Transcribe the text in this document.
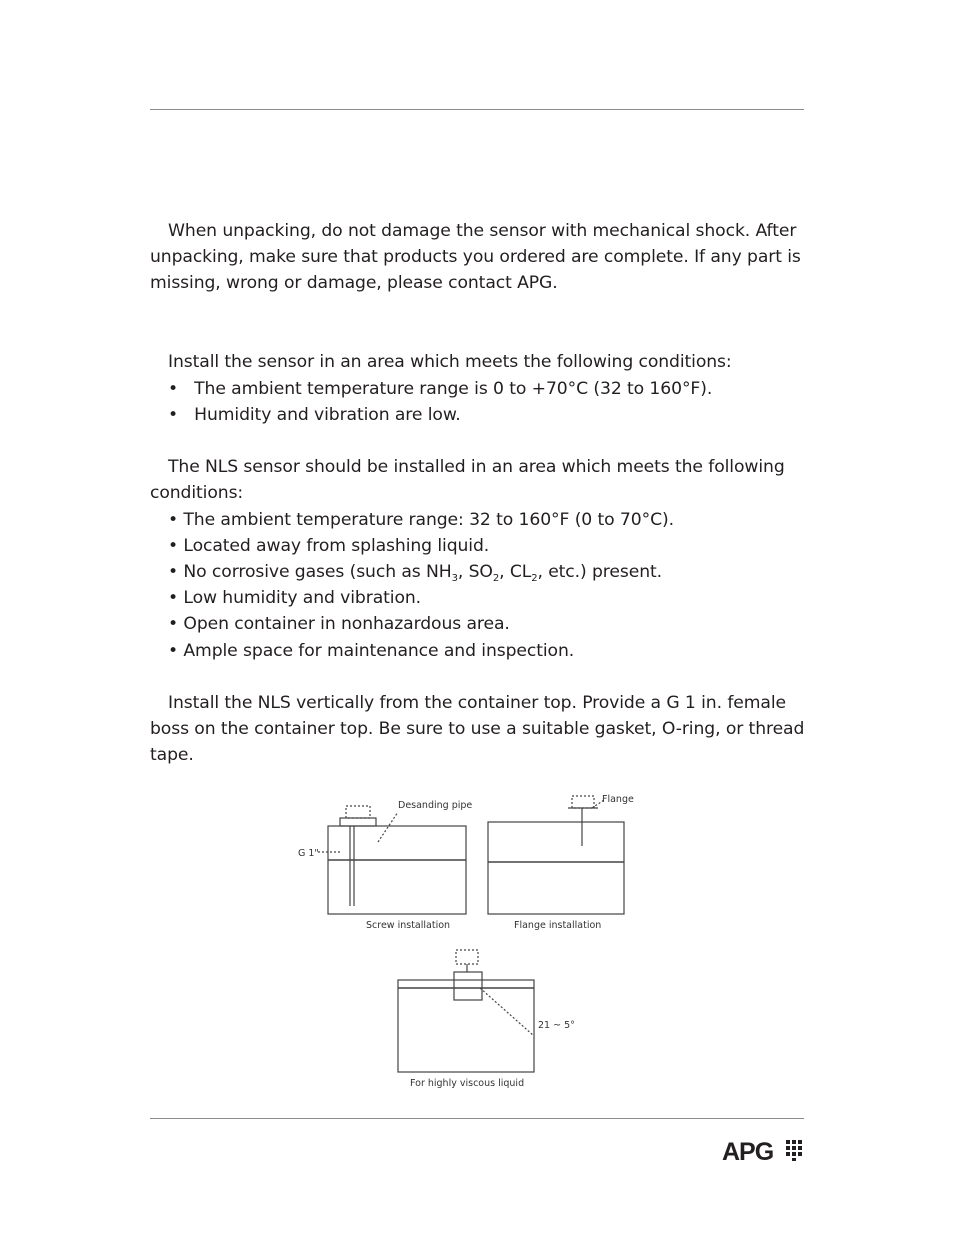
When unpacking, do not damage the sensor with mechanical shock. After unpacking, make sure that products you ordered are complete. If any part is missing, wrong or damage, please contact APG.
Install the sensor in an area which meets the following conditions:
•   The ambient temperature range is 0 to +70°C (32 to 160°F).
•   Humidity and vibration are low.
The NLS sensor should be installed in an area which meets the following conditions:
• The ambient temperature range: 32 to 160°F (0 to 70°C).
• Located away from splashing liquid.
• No corrosive gases (such as $NH_3$, $SO_2$, $CL_2$, etc.) present.
• Low humidity and vibration.
• Open container in nonhazardous area.
• Ample space for maintenance and inspection.
Install the NLS vertically from the container top. Provide a G 1 in. female boss on the container top. Be sure to use a suitable gasket, O-ring, or thread tape.
Desanding pipe
G 1"
Screw installation
Flange
Flange installation
21 ~ 5°
For highly viscous liquid
APG
